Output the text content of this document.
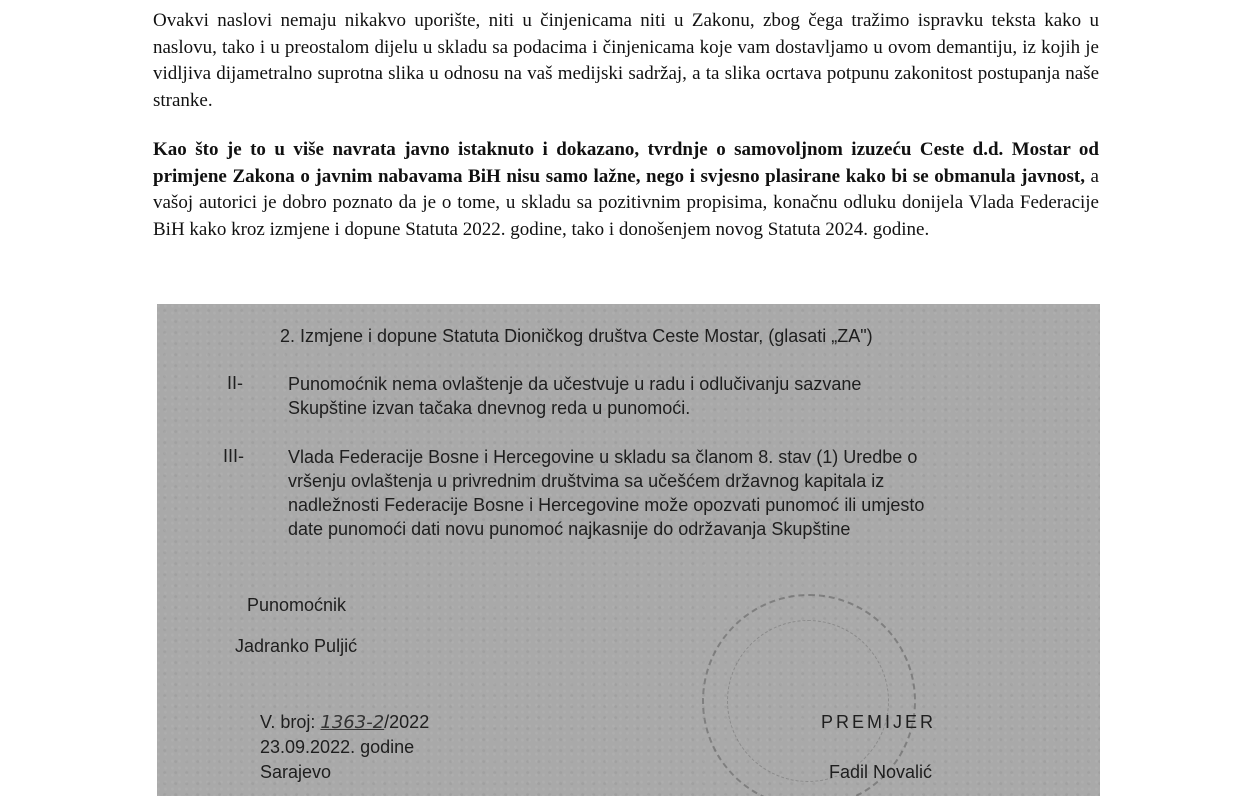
Ovakvi naslovi nemaju nikakvo uporište, niti u činjenicama niti u Zakonu, zbog čega tražimo ispravku teksta kako u naslovu, tako i u preostalom dijelu u skladu sa podacima i činjenicama koje vam dostavljamo u ovom demantiju, iz kojih je vidljiva dijametralno suprotna slika u odnosu na vaš medijski sadržaj, a ta slika ocrtava potpunu zakonitost postupanja naše stranke.

Kao što je to u više navrata javno istaknuto i dokazano, tvrdnje o samovoljnom izuzeću Ceste d.d. Mostar od primjene Zakona o javnim nabavama BiH nisu samo lažne, nego i svjesno plasirane kako bi se obmanula javnost, a vašoj autorici je dobro poznato da je o tome, u skladu sa pozitivnim propisima, konačnu odluku donijela Vlada Federacije BiH kako kroz izmjene i dopune Statuta 2022. godine, tako i donošenjem novog Statuta 2024. godine.

2. Izmjene i dopune Statuta Dioničkog društva Ceste Mostar, (glasati „ZA")
II-	Punomoćnik nema ovlaštenje da učestvuje u radu i odlučivanju sazvane
Skupštine izvan tačaka dnevnog reda u punomoći.
III- Vlada Federacije Bosne i Hercegovine u skladu sa članom 8. stav (1) Uredbe o
vršenju ovlaštenja u privrednim društvima sa učešćem državnog kapitala iz
nadležnosti Federacije Bosne i Hercegovine može opozvati punomoć ili umjesto
date punomoći dati novu punomoć najkasnije do održavanja Skupštine
Punomoćnik
Jadranko Puljić
V. broj: 1363-2/2022
23.09.2022. godine
Sarajevo
PREMIJER
Fadil Novalić
